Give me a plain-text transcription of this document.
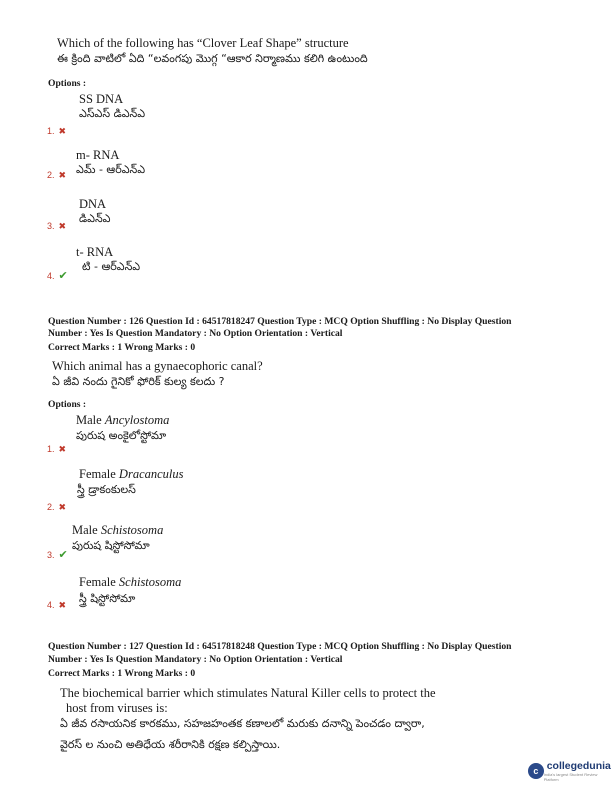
Which of the following has “Clover Leaf Shape” structure
ఈ క్రింది వాటిలో ఏది “లవంగపు మొగ్గ “ఆకార నిర్మాణము కలిగి ఉంటుంది
Options :
SS DNA
ఎస్ఎస్ డిఎన్ఎ
1. ✖
m- RNA
ఎమ్ - ఆర్ఎన్ఎ
2. ✖
DNA
డిఎన్ఎ
3. ✖
t- RNA
టి - ఆర్ఎన్ఎ
4. ✔
Question Number : 126 Question Id : 64517818247 Question Type : MCQ Option Shuffling : No Display Question
Number : Yes Is Question Mandatory : No Option Orientation : Vertical
Correct Marks : 1 Wrong Marks : 0
Which animal has a gynaecophoric canal?
ఏ జీవి నందు గైనికో ఫోరిక్ కుల్య కలదు ?
Options :
Male Ancylostoma
పురుష అంకైలోస్టోమా
1. ✖
Female Dracanculus
స్త్రీ డ్రాకంకులస్
2. ✖
Male Schistosoma
పురుష షిస్టోసోమా
3. ✔
Female Schistosoma
స్త్రీ షిస్టోసోమా
4. ✖
Question Number : 127 Question Id : 64517818248 Question Type : MCQ Option Shuffling : No Display Question
Number : Yes Is Question Mandatory : No Option Orientation : Vertical
Correct Marks : 1 Wrong Marks : 0
The biochemical barrier which stimulates Natural Killer cells to protect the
host from viruses is:
ఏ జీవ రసాయనిక కారకము, సహజహంతక కణాలలో మరుకు దనాన్ని పెంచడం ద్వారా,
వైరస్ ల నుంచి అతిధేయ శరీరానికి రక్షణ కల్పిస్తాయి.
c collegedunia
India's largest Student Review Platform
